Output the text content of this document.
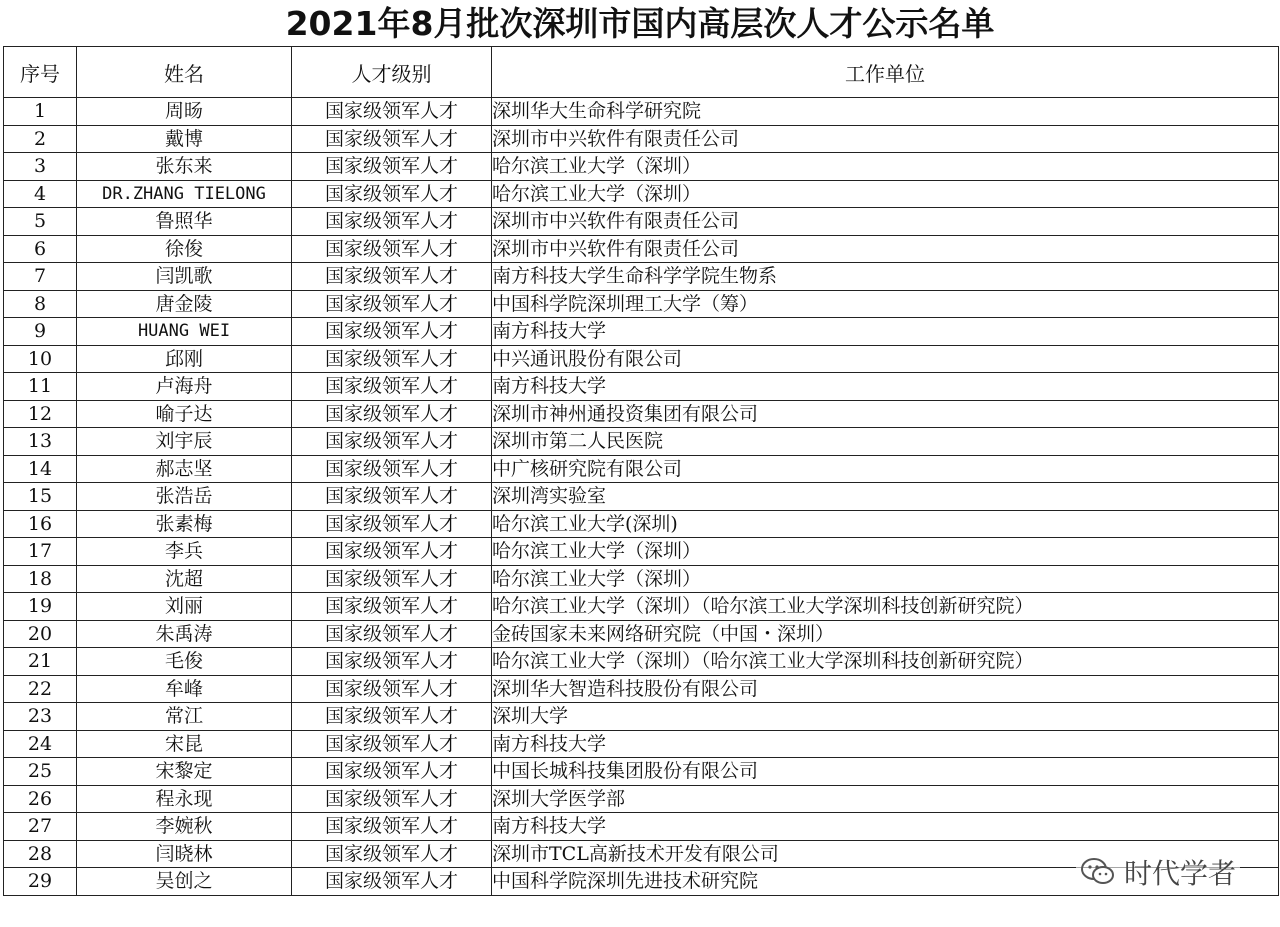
2021年8月批次深圳市国内高层次人才公示名单
序号	姓名	人才级别	工作单位
1	周旸	国家级领军人才	深圳华大生命科学研究院
2	戴博	国家级领军人才	深圳市中兴软件有限责任公司
3	张东来	国家级领军人才	哈尔滨工业大学（深圳）
4	DR.ZHANG TIELONG	国家级领军人才	哈尔滨工业大学（深圳）
5	鲁照华	国家级领军人才	深圳市中兴软件有限责任公司
6	徐俊	国家级领军人才	深圳市中兴软件有限责任公司
7	闫凯歌	国家级领军人才	南方科技大学生命科学学院生物系
8	唐金陵	国家级领军人才	中国科学院深圳理工大学（筹）
9	HUANG WEI	国家级领军人才	南方科技大学
10	邱刚	国家级领军人才	中兴通讯股份有限公司
11	卢海舟	国家级领军人才	南方科技大学
12	喻子达	国家级领军人才	深圳市神州通投资集团有限公司
13	刘宇辰	国家级领军人才	深圳市第二人民医院
14	郝志坚	国家级领军人才	中广核研究院有限公司
15	张浩岳	国家级领军人才	深圳湾实验室
16	张素梅	国家级领军人才	哈尔滨工业大学(深圳)
17	李兵	国家级领军人才	哈尔滨工业大学（深圳）
18	沈超	国家级领军人才	哈尔滨工业大学（深圳）
19	刘丽	国家级领军人才	哈尔滨工业大学（深圳）（哈尔滨工业大学深圳科技创新研究院）
20	朱禹涛	国家级领军人才	金砖国家未来网络研究院（中国・深圳）
21	毛俊	国家级领军人才	哈尔滨工业大学（深圳）（哈尔滨工业大学深圳科技创新研究院）
22	牟峰	国家级领军人才	深圳华大智造科技股份有限公司
23	常江	国家级领军人才	深圳大学
24	宋昆	国家级领军人才	南方科技大学
25	宋黎定	国家级领军人才	中国长城科技集团股份有限公司
26	程永现	国家级领军人才	深圳大学医学部
27	李婉秋	国家级领军人才	南方科技大学
28	闫晓林	国家级领军人才	深圳市TCL高新技术开发有限公司
29	吴创之	国家级领军人才	中国科学院深圳先进技术研究院	时代学者
